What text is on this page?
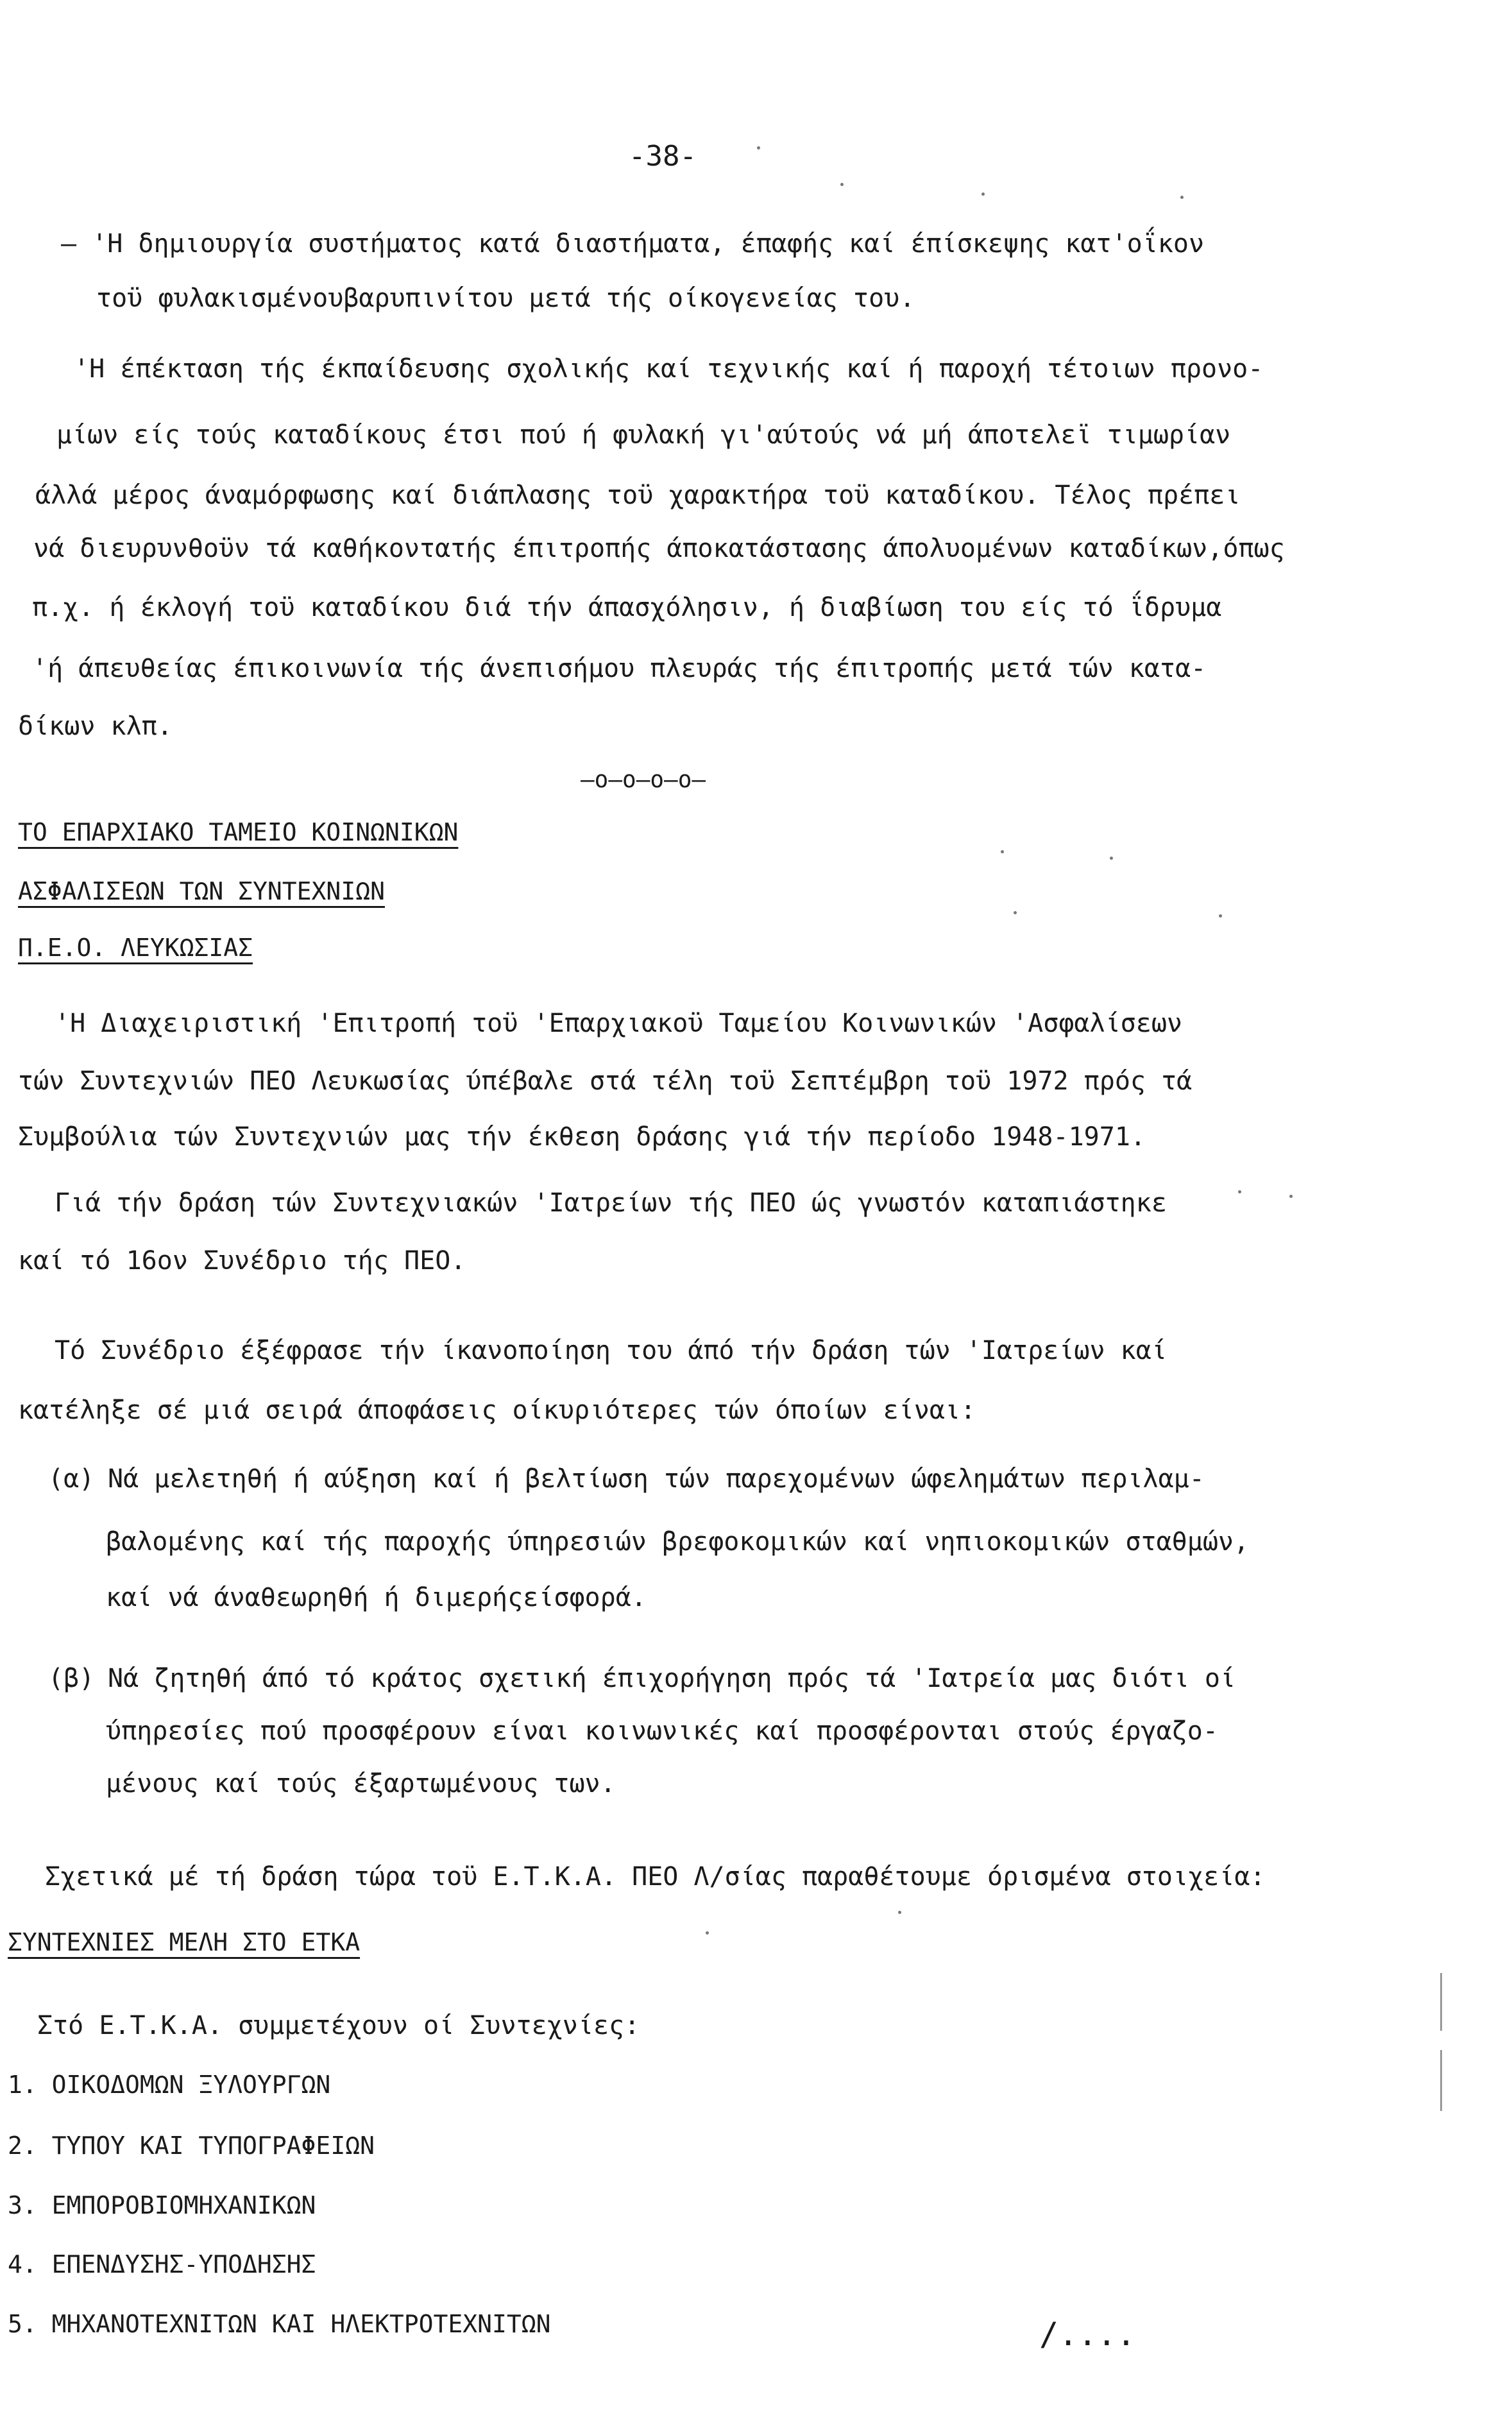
-38-
– 'Η δημιουργία συστήματος κατά διαστήματα, έπαφής καί έπίσκεψης κατ'οΐκον
τοϋ φυλακισμένουβαρυπινίτου μετά τής οίκογενείας του.
'Η έπέκταση τής έκπαίδευσης σχολικής καί τεχνικής καί ή παροχή τέτοιων προνο-
μίων είς τούς καταδίκους έτσι πού ή φυλακή γι'αύτούς νά μή άποτελεϊ τιμωρίαν
άλλά μέρος άναμόρφωσης καί διάπλασης τοϋ χαρακτήρα τοϋ καταδίκου. Τέλος πρέπει
νά διευρυνθοϋν τά καθήκοντατής έπιτροπής άποκατάστασης άπολυομένων καταδίκων,όπως
π.χ. ή έκλογή τοϋ καταδίκου διά τήν άπασχόλησιν, ή διαβίωση του είς τό ΐδρυμα
'ή άπευθείας έπικοινωνία τής άνεπισήμου πλευράς τής έπιτροπής μετά τών κατα-
δίκων κλπ.
—ο—ο—ο—ο—
ΤΟ ΕΠΑΡΧΙΑΚΟ ΤΑΜΕΙΟ ΚΟΙΝΩΝΙΚΩΝ
ΑΣΦΑΛΙΣΕΩΝ ΤΩΝ ΣΥΝΤΕΧΝΙΩΝ
Π.Ε.Ο. ΛΕΥΚΩΣΙΑΣ
'Η Διαχειριστική 'Επιτροπή τοϋ 'Επαρχιακοϋ Ταμείου Κοινωνικών 'Ασφαλίσεων
τών Συντεχνιών ΠΕΟ Λευκωσίας ύπέβαλε στά τέλη τοϋ Σεπτέμβρη τοϋ 1972 πρός τά
Συμβούλια τών Συντεχνιών μας τήν έκθεση δράσης γιά τήν περίοδο 1948-1971.
Γιά τήν δράση τών Συντεχνιακών 'Ιατρείων τής ΠΕΟ ώς γνωστόν καταπιάστηκε
καί τό 16ον Συνέδριο τής ΠΕΟ.
Τό Συνέδριο έξέφρασε τήν ίκανοποίηση του άπό τήν δράση τών 'Ιατρείων καί
κατέληξε σέ μιά σειρά άποφάσεις οίκυριότερες τών όποίων είναι:
(α) Νά μελετηθή ή αύξηση καί ή βελτίωση τών παρεχομένων ώφελημάτων περιλαμ-
βαλομένης καί τής παροχής ύπηρεσιών βρεφοκομικών καί νηπιοκομικών σταθμών,
καί νά άναθεωρηθή ή διμερήςείσφορά.
(β) Νά ζητηθή άπό τό κράτος σχετική έπιχορήγηση πρός τά 'Ιατρεία μας διότι οί
ύπηρεσίες πού προσφέρουν είναι κοινωνικές καί προσφέρονται στούς έργαζο-
μένους καί τούς έξαρτωμένους των.
Σχετικά μέ τή δράση τώρα τοϋ Ε.Τ.Κ.Α. ΠΕΟ Λ/σίας παραθέτουμε όρισμένα στοιχεία:
ΣΥΝΤΕΧΝΙΕΣ ΜΕΛΗ ΣΤΟ ΕΤΚΑ
Στό Ε.Τ.Κ.Α. συμμετέχουν οί Συντεχνίες:
1. ΟΙΚΟΔΟΜΩΝ ΞΥΛΟΥΡΓΩΝ
2. ΤΥΠΟΥ ΚΑΙ ΤΥΠΟΓΡΑΦΕΙΩΝ
3. ΕΜΠΟΡΟΒΙΟΜΗΧΑΝΙΚΩΝ
4. ΕΠΕΝΔΥΣΗΣ-ΥΠΟΔΗΣΗΣ
5. ΜΗΧΑΝΟΤΕΧΝΙΤΩΝ ΚΑΙ ΗΛΕΚΤΡΟΤΕΧΝΙΤΩΝ	/....
